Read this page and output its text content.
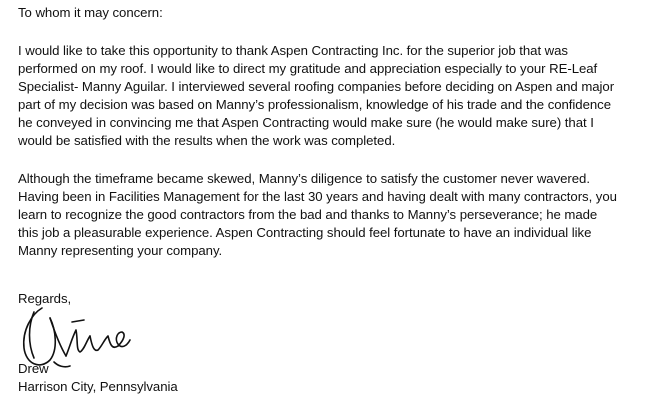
To whom it may concern:
I would like to take this opportunity to thank Aspen Contracting Inc. for the superior job that was
performed on my roof. I would like to direct my gratitude and appreciation especially to your RE-Leaf
Specialist- Manny Aguilar. I interviewed several roofing companies before deciding on Aspen and major
part of my decision was based on Manny’s professionalism, knowledge of his trade and the confidence
he conveyed in convincing me that Aspen Contracting would make sure (he would make sure) that I
would be satisfied with the results when the work was completed.
Although the timeframe became skewed, Manny’s diligence to satisfy the customer never wavered.
Having been in Facilities Management for the last 30 years and having dealt with many contractors, you
learn to recognize the good contractors from the bad and thanks to Manny’s perseverance; he made
this job a pleasurable experience. Aspen Contracting should feel fortunate to have an individual like
Manny representing your company.
Regards,
Drew
Harrison City, Pennsylvania
